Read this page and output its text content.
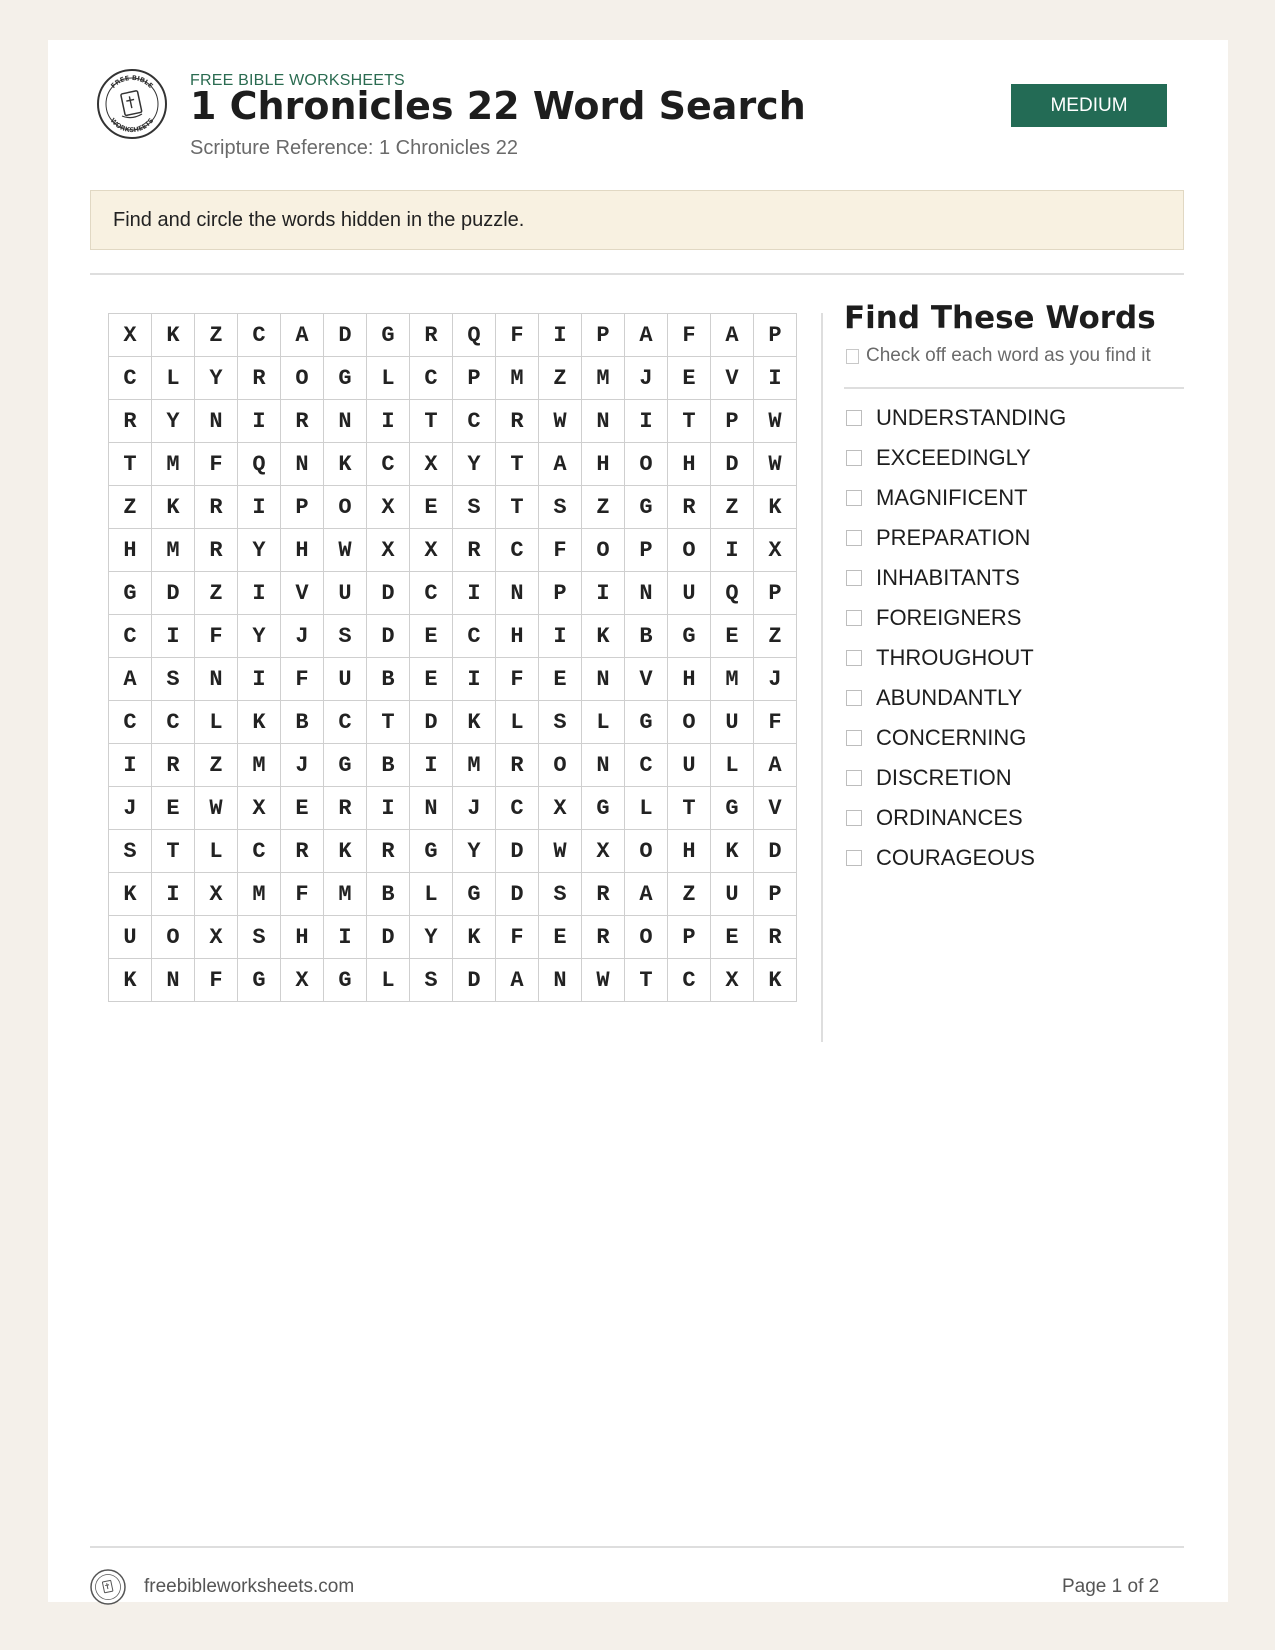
FREE BIBLE
WORKSHEETS
FREE BIBLE WORKSHEETS
1 Chronicles 22 Word Search
Scripture Reference: 1 Chronicles 22
MEDIUM
Find and circle the words hidden in the puzzle.
X	K	Z	C	A	D	G	R	Q	F	I	P	A	F	A	P
C	L	Y	R	O	G	L	C	P	M	Z	M	J	E	V	I
R	Y	N	I	R	N	I	T	C	R	W	N	I	T	P	W
T	M	F	Q	N	K	C	X	Y	T	A	H	O	H	D	W
Z	K	R	I	P	O	X	E	S	T	S	Z	G	R	Z	K
H	M	R	Y	H	W	X	X	R	C	F	O	P	O	I	X
G	D	Z	I	V	U	D	C	I	N	P	I	N	U	Q	P
C	I	F	Y	J	S	D	E	C	H	I	K	B	G	E	Z
A	S	N	I	F	U	B	E	I	F	E	N	V	H	M	J
C	C	L	K	B	C	T	D	K	L	S	L	G	O	U	F
I	R	Z	M	J	G	B	I	M	R	O	N	C	U	L	A
J	E	W	X	E	R	I	N	J	C	X	G	L	T	G	V
S	T	L	C	R	K	R	G	Y	D	W	X	O	H	K	D
K	I	X	M	F	M	B	L	G	D	S	R	A	Z	U	P
U	O	X	S	H	I	D	Y	K	F	E	R	O	P	E	R
K	N	F	G	X	G	L	S	D	A	N	W	T	C	X	K
Find These Words
Check off each word as you find it
UNDERSTANDING
EXCEEDINGLY
MAGNIFICENT
PREPARATION
INHABITANTS
FOREIGNERS
THROUGHOUT
ABUNDANTLY
CONCERNING
DISCRETION
ORDINANCES
COURAGEOUS
freebibleworksheets.com	Page 1 of 2
